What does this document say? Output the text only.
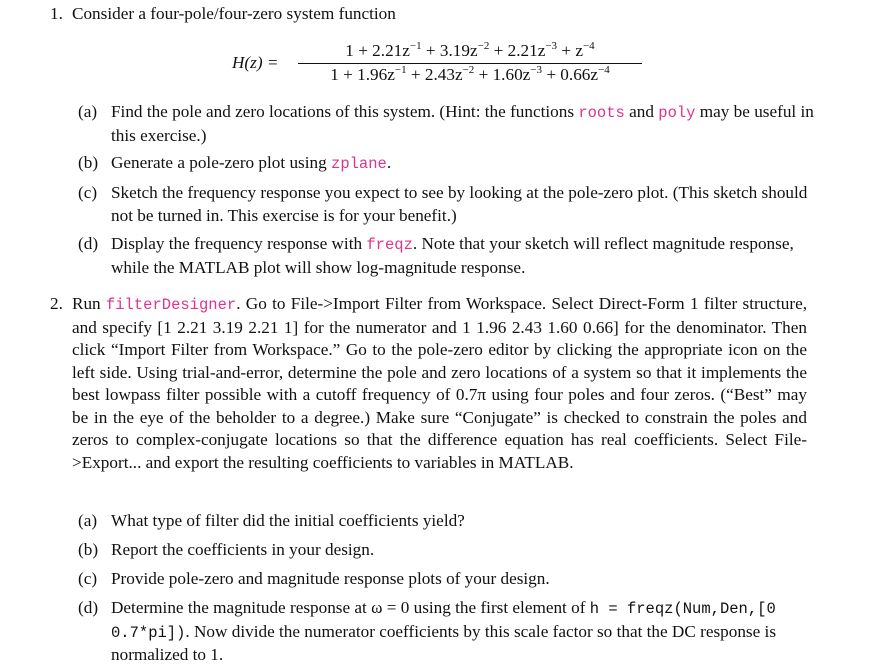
1. Consider a four-pole/four-zero system function
$H(z) = \frac{1 + 2.21z^{-1} + 3.19z^{-2} + 2.21z^{-3} + z^{-4}}{1 + 1.96z^{-1} + 2.43z^{-2} + 1.60z^{-3} + 0.66z^{-4}}$
(a) Find the pole and zero locations of this system. (Hint: the functions roots and poly may be useful in this exercise.)
(b) Generate a pole-zero plot using zplane.
(c) Sketch the frequency response you expect to see by looking at the pole-zero plot. (This sketch should not be turned in. This exercise is for your benefit.)
(d) Display the frequency response with freqz. Note that your sketch will reflect magnitude response, while the MATLAB plot will show log-magnitude response.
2. Run filterDesigner. Go to File->Import Filter from Workspace. Select Direct-Form 1 filter structure, and specify [1 2.21 3.19 2.21 1] for the numerator and 1 1.96 2.43 1.60 0.66] for the denominator. Then click “Import Filter from Workspace.” Go to the pole-zero editor by clicking the appropriate icon on the left side. Using trial-and-error, determine the pole and zero locations of a system so that it implements the best lowpass filter possible with a cutoff frequency of 0.7π using four poles and four zeros. (“Best” may be in the eye of the beholder to a degree.) Make sure “Conjugate” is checked to constrain the poles and zeros to complex-conjugate locations so that the difference equation has real coefficients. Select File->Export... and export the resulting coefficients to variables in MATLAB.
(a) What type of filter did the initial coefficients yield?
(b) Report the coefficients in your design.
(c) Provide pole-zero and magnitude response plots of your design.
(d) Determine the magnitude response at ω = 0 using the first element of h = freqz(Num,Den,[0 0.7*pi]). Now divide the numerator coefficients by this scale factor so that the DC response is normalized to 1.
